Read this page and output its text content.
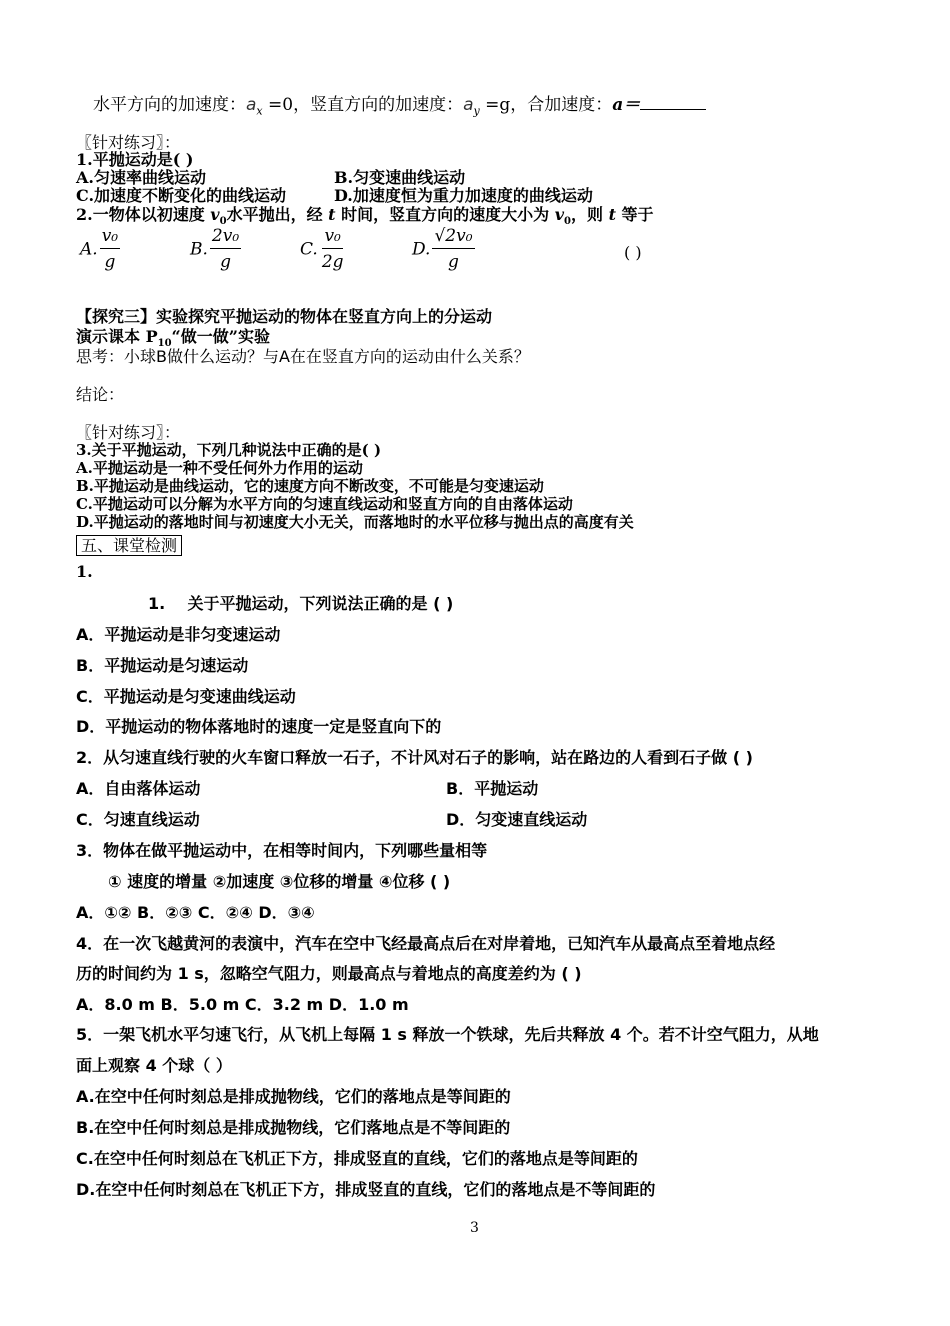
水平方向的加速度：$a_x =0$，竖直方向的加速度：$a_y =g$，合加速度：a＝
〖针对练习〗：
1.平抛运动是( )
A.匀速率曲线运动	B.匀变速曲线运动
C.加速度不断变化的曲线运动	D.加速度恒为重力加速度的曲线运动
2.一物体以初速度 $v_0$水平抛出，经 t 时间，竖直方向的速度大小为 $v_0$，则 t 等于
A. $\frac{\text{v₀}}{g}$	B. $\frac{\text{2v₀}}{g}$	C. $\frac{\text{v₀}}{2g}$	D. $\frac{\text{√2v₀}}{g}$	( )
【探究三】实验探究平抛运动的物体在竖直方向上的分运动
演示课本 $P_{10}“$做一做”实验
思考：小球B做什么运动？与A在在竖直方向的运动由什么关系？
结论：
〖针对练习〗：
3.关于平抛运动，下列几种说法中正确的是( )
A.平抛运动是一种不受任何外力作用的运动
B.平抛运动是曲线运动，它的速度方向不断改变，不可能是匀变速运动
C.平抛运动可以分解为水平方向的匀速直线运动和竖直方向的自由落体运动
D.平抛运动的落地时间与初速度大小无关，而落地时的水平位移与抛出点的高度有关
五、课堂检测
1.
1. 关于平抛运动，下列说法正确的是 ( )
A．平抛运动是非匀变速运动
B．平抛运动是匀速运动
C．平抛运动是匀变速曲线运动
D．平抛运动的物体落地时的速度一定是竖直向下的
2．从匀速直线行驶的火车窗口释放一石子，不计风对石子的影响，站在路边的人看到石子做 ( )
A．自由落体运动	B．平抛运动
C．匀速直线运动	D．匀变速直线运动
3．物体在做平抛运动中，在相等时间内，下列哪些量相等
① 速度的增量 ②加速度 ③位移的增量 ④位移 ( )
A．①② B．②③ C．②④ D．③④
4．在一次飞越黄河的表演中，汽车在空中飞经最高点后在对岸着地，已知汽车从最高点至着地点经
历的时间约为 1 s，忽略空气阻力，则最高点与着地点的高度差约为 ( )
A．8.0 m B．5.0 m C．3.2 m D．1.0 m
5．一架飞机水平匀速飞行，从飞机上每隔 1 s 释放一个铁球，先后共释放 4 个。若不计空气阻力，从地
面上观察 4 个球（ ）
A.在空中任何时刻总是排成抛物线，它们的落地点是等间距的
B.在空中任何时刻总是排成抛物线，它们落地点是不等间距的
C.在空中任何时刻总在飞机正下方，排成竖直的直线，它们的落地点是等间距的
D.在空中任何时刻总在飞机正下方，排成竖直的直线，它们的落地点是不等间距的
3
